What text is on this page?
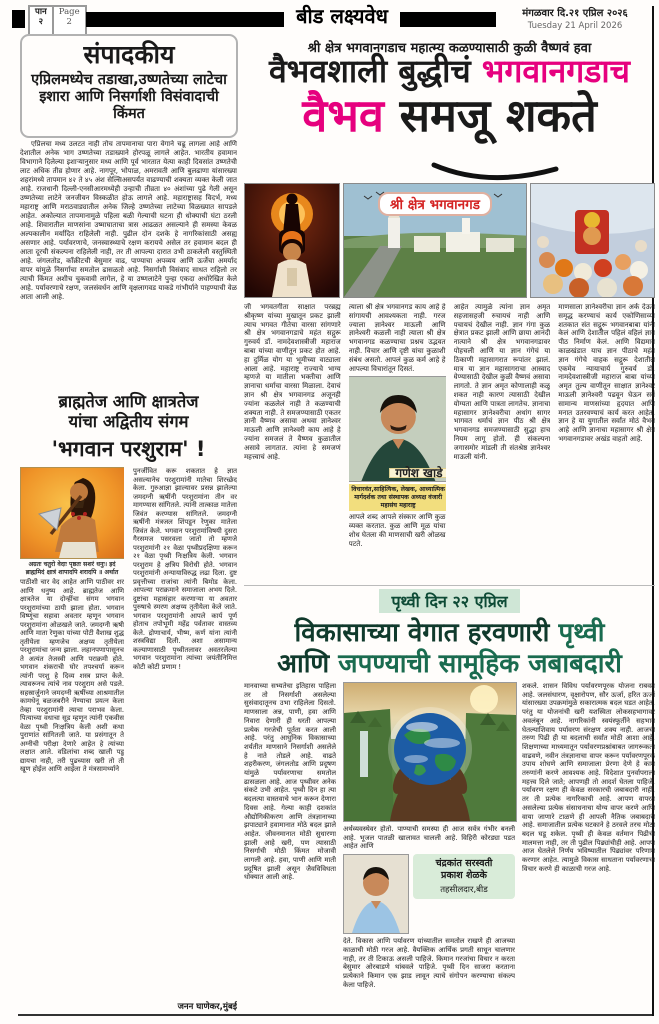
पान
२
Page
2	बीड लक्ष्यवेध	मंगळवार दि.२१ एप्रिल २०२६
Tuesday 21 April 2026
संपादकीय
एप्रिलमध्येच तडाखा,उष्णतेच्या लाटेचा इशारा आणि निसर्गाशी विसंवादाची किंमत
एप्रिलचा मध्य उलटत नाही तोच तापमानाचा पारा वेगाने चढू लागला आहे आणि देशातील अनेक भाग उष्णतेच्या तडाख्याने होरपळू लागले आहेत. भारतीय हवामान विभागाने दिलेल्या इशाऱ्यानुसार मध्य आणि पूर्व भारतात येत्या काही दिवसांत उष्णतेची लाट अधिक तीव्र होणार आहे. नागपूर, भोपाळ, अमरावती आणि बुलढाणा यांसारख्या शहरांमध्ये तापमान ४२ ते ४५ अंश सेल्सिअसपर्यंत वाढण्याची शक्यता व्यक्त केली जात आहे. राजधानी दिल्ली-एनसीआरमध्येही उन्हाची तीव्रता ४० अंशांच्या पुढे गेली असून उष्णतेच्या लाटेने जनजीवन विस्कळीत होऊ लागले आहे. महाराष्ट्रासह विदर्भ, मध्य महाराष्ट्र आणि मराठवाड्यातील अनेक जिल्हे उष्णतेच्या लाटेच्या विळख्यात सापडले आहेत. अकोल्यात तापमानामुळे पहिला बळी गेल्याची घटना ही धोक्याची घंटा ठरली आहे. शिवारातील माणसांना उष्माघाताचा त्रास आढळत असल्याने ही समस्या केवळ अल्पकालीन मर्यादित राहिलेली नाही. पुढील दोन दशके हे नागरिकांसाठी असह्य असणार आहे. पर्यावरणाचे, जनस्वास्थ्याचे रक्षण करायचे असेल तर हवामान बदल ही आता दूरची संकल्पना राहिलेली नाही, तर ती आपल्या दारात उभी ठाकलेली वस्तुस्थिती आहे. जंगलतोड, काँक्रीटची बेसुमार वाढ, पाण्याचा अपव्यय आणि ऊर्जेचा अमर्याद वापर यांमुळे निसर्गाचा समतोल ढासळतो आहे. निसर्गाशी विसंवाद साधत राहिलो तर त्याची किंमत अशीच चुकवावी लागेल, हे या उष्णलाटेने पुन्हा एकदा अधोरेखित केले आहे. पर्यावरणाचे रक्षण, जलसंवर्धन आणि वृक्षलागवड याकडे गांभीर्याने पाहण्याची वेळ आता आली आहे.
ब्राह्मतेज आणि क्षात्रतेज
यांचा अद्वितीय संगम
'भगवान परशुराम' !
अग्रतः चतुरो वेदाः पृष्ठतः सशरं धनुः। इदं ब्राह्ममिदं क्षात्रं शापादपि शरादपि ॥ अर्थात
पाठीशी चार वेद आहेत आणि पाठीवर शर आणि धनुष्य आहे. ब्राह्मतेज आणि क्षात्रतेज या दोन्हींचा संगम भगवान परशुरामांच्या ठायी झाला होता. भगवान विष्णूंचा सहावा अवतार म्हणून भगवान परशुरामांना ओळखले जाते. जमदग्नी ऋषी आणि माता रेणुका यांच्या पोटी वैशाख शुद्ध तृतीयेला म्हणजेच अक्षय्य तृतीयेला परशुरामांचा जन्म झाला. लहानपणापासूनच ते अत्यंत तेजस्वी आणि पराक्रमी होते. भगवान शंकराची घोर तपश्चर्या करून त्यांनी परशु हे दिव्य शस्त्र प्राप्त केले. त्यावरूनच त्यांचे नाव परशुराम असे पडले. सहस्रार्जुनाने जमदग्नी ऋषींच्या आश्रमातील कामधेनू बळजबरीने नेण्याचा प्रयत्न केला तेव्हा परशुरामांनी त्याचा पराभव केला. पित्याच्या वधाचा सूड म्हणून त्यांनी एकवीस वेळा पृथ्वी निःक्षत्रिय केली अशी कथा पुराणांत सांगितली जाते. या प्रसंगातून ते अग्नीची परीक्षा देणारे आहेत हे त्यांच्या लक्षात आले. वडिलांचा शब्द खाली पडू द्यायचा नाही, तरी पुढच्यास खरी तो ती खूण होईल आणि आईला ते मंत्रसामर्थ्याने
पुनर्जीवित करू शकतात हे ज्ञात असल्यानेच परशुरामांनी मातेचा शिरच्छेद केला. गुरुआज्ञा झाल्यावर प्रसन्न झालेल्या जमदग्नी ऋषींनी परशुरामांना तीन वर मागण्यास सांगितले. त्यांनी तात्काळ मातेला जिवंत करण्यास सांगितले. जमदग्नी ऋषींनी मंत्रजल शिंपडून रेणुका मातेला जिवंत केले. भगवान परशुरामांविषयी दुसरा गैरसमज पसरवला जातो तो म्हणजे परशुरामांनी २१ वेळा पृथ्वीप्रदक्षिणा करून २१ वेळा पृथ्वी निःक्षत्रिय केली. भगवान परशुराम हे क्षत्रिय विरोधी होते. भगवान परशुरामांनी अन्यायाविरुद्ध लढा दिला. दुष्ट प्रवृत्तीच्या राजांचा त्यांनी बिमोड केला. आपल्या पराक्रमाने समाजाला अभय दिले. दुष्टांचा महासंहार करणाऱ्या या अवतार पुरुषाचे स्मरण अक्षय्य तृतीयेला केले जाते. भगवान परशुरामांनी आपले कार्य पूर्ण होताच तपोभूमी महेंद्र पर्वतावर वास्तव्य केले. द्रोणाचार्य, भीष्म, कर्ण यांना त्यांनी शस्त्रविद्या दिली. अशा असामान्य कल्याणासाठी पृथ्वीतलावर अवतरलेल्या भगवान परशुरामांना त्यांच्या जयंतीनिमित्त कोटी कोटी प्रणाम !
जनन घाणेकर,मुंबई
श्री क्षेत्र भगवानगडाच महात्म्य कळण्यासाठी कुळी वैष्णवं हवा
वैभवशाली बुद्धीचं भगवानगडाच
वैभव समजू शकते
श्री क्षेत्र भगवानगड
जी भगवतगीता साक्षात परब्रह्म श्रीकृष्ण यांच्या मुखातून प्रकट झाली त्याच भगवत गीतेचा वारसा सांगणारे श्री क्षेत्र भगवानगडाचे महंत सद्गुरू गुरुवर्य डॉ. नामदेवशास्त्रीजी महाराज बाबा यांच्या वाणीतून प्रकट होत आहे. हा दुर्मिळ योग या भूमीच्या वाट्याला आला आहे. महाराष्ट्र राज्याचे भाग्य म्हणजे या मातीला भक्तीचा आणि ज्ञानाचा धर्माचा वारसा मिळाला. देवाचं ज्ञान श्री क्षेत्र भगवानगड अजूनही ज्यांना कळलेलं नाही ते कळण्याची शक्यता नाही. ते समजण्यासाठी एकतर ज्ञानी वैष्णव असावा अथवा ज्ञानेश्वर माऊली आणि ज्ञानेश्वरी काय आहे हे ज्यांना समजलं ते वैष्णव कुळातील असावे लागतात. त्यांना हे समजणं महत्त्वाचं आहे.
त्याला श्री क्षेत्र भगवानगड काय आहे हे सांगायची आवश्यकता नाही. गरज ज्याला ज्ञानेश्वर माऊली आणि ज्ञानेश्वरी कळली नाही त्याला श्री क्षेत्र भगवानगड कळण्याचा प्रश्नच उद्भवत नाही. विचार आणि दृष्टी यांचा कुळाशी संबंध असतो. आपलं कुळ कर्म आहे हे आपल्या विचारांतून दिसतं.
गणेश खाडे
विचारवंत,साहित्यिक, लेखक, आध्यात्मिक मार्गदर्शक तथा संस्थापक अध्यक्ष वंजारी महासंघ महाराष्ट्र
आपले शब्द आपले संस्कार आणि कुळ व्यक्त करतात. कुळ आणि मूळ यांचा शोध घेतला की माणसाची खरी ओळख पटते.
आहेत त्यामुळे त्यांना ज्ञान अमृत सहजासहजी रुचायचं नाही आणि पचायचं देखील नाही. ज्ञान गंगा कुळ क्षेत्रात प्रकट झाली आणि छाया आनंदी नात्याने श्री क्षेत्र भगवानगडावर पोहचली आणि या ज्ञान गंगेचं या ठिकाणी महासागरात रूपांतर झालं. मात्र या ज्ञान महासागराचा आस्वाद घेण्यासाठी देखील कुळी वैष्णवं असावा लागतो. ते ज्ञान अमृत कोणालाही कळू शकत नाही कारण त्यासाठी देखील योग्यता आणि पात्रता लागतेच. ज्ञानाचा महासागर ज्ञानेश्वरीचा अथांग सागर भागवत धर्माचं ज्ञान पीठ श्री क्षेत्र भगवानगड समजण्यासाठी सुद्धा हाच नियम लागू होतो. ही संकल्पना जगासमोर मांडली ती संतश्रेष्ठ ज्ञानेश्वर माऊली यांनी.
माणसाला ज्ञानेश्वरीचा ज्ञान अर्क देऊन समृद्ध करण्याचं कार्य एकोणिसाव्या शतकात संत सद्गुरू भगवानबाबा यांनी केलं आणि देशातील पहिलं वहिलं ज्ञान पीठ निर्माण केलं. आणि विद्यमान काळखंडात याच ज्ञान पीठाचे महंत ज्ञान गंगेचे वाहक सद्गुरू देशातील एकमेव न्यायाचार्य गुरुवर्य डॉ. नामदेवशास्त्रीजी महाराज बाबा यांच्या अमृत तुल्य वाणीतून साक्षात ज्ञानेश्वर माऊली ज्ञानेश्वरी पढवून घेऊन सर्व सामान्य माणसांच्या हृदयात आणि मनात उतरवण्याचं कार्य करत आहेत. ज्ञान हे या युगातील सर्वांत मोठं वैभव आहे आणि ज्ञानाचा महासागर श्री क्षेत्र भगवानगडावर अखंड वाहतो आहे.
पृथ्वी दिन २२ एप्रिल
विकासाच्या वेगात हरवणारी पृथ्वी
आणि जपण्याची सामूहिक जबाबदारी
मानवाच्या सभ्यतेचा इतिहास पाहिला तर तो निसर्गाशी असलेल्या सुसंवादातूनच उभा राहिलेला दिसतो. माणसाला अन्न, पाणी, हवा आणि निवारा देणारी ही धरती आपल्या प्रत्येक गरजेची पूर्तता करत आली आहे. परंतु आधुनिक विकासाच्या शर्यतीत माणसाने निसर्गाशी असलेले हे नाते तोडले आहे. वाढते शहरीकरण, जंगलतोड आणि प्रदूषण यांमुळे पर्यावरणाचा समतोल ढासळला आहे. आज पृथ्वीवर अनेक संकटे उभी आहेत. पृथ्वी दिन हा त्या बदलत्या वास्तवाचे भान करून देणारा दिवस आहे. गेल्या काही दशकांत औद्योगिकीकरण आणि तंत्रज्ञानाच्या झपाट्याने हवामानात मोठे बदल झाले आहेत. जीवनमानात मोठी सुधारणा झाली आहे खरी, पण त्यासाठी निसर्गाची मोठी किंमत मोजावी लागली आहे. हवा, पाणी आणि माती प्रदूषित झाली असून जैवविविधता धोक्यात आली आहे.
अर्थव्यवस्थेवर होतो. पाण्याची समस्या ही आज सर्वत्र गंभीर बनली आहे. भूजल पातळी खालावत चालली आहे. विहिरी कोरड्या पडत आहेत आणि
चंद्रकांत सरस्वती
प्रकाश शेळके
तहसीलदार,बीड
देते. विकास आणि पर्यावरण यांच्यातील समतोल राखणे ही आजच्या काळाची मोठी गरज आहे. वैयक्तिक आर्थिक प्रगती साधून चालणार नाही, तर ती टिकाऊ असली पाहिजे. किमान गरजांचा विचार न करता बेसुमार ओरबाडणे थांबवले पाहिजे. पृथ्वी दिन साजरा करताना प्रत्येकाने किमान एक झाड लावून त्याचे संगोपन करण्याचा संकल्प केला पाहिजे.
शकले. शासन विविध पर्यावरणपूरक योजना राबवत आहे. जलसंधारण, वृक्षारोपण, सौर ऊर्जा, हरित ऊर्जा यांसारख्या उपक्रमांमुळे सकारात्मक बदल घडत आहेत. परंतु या योजनांची खरी यशस्विता लोकसहभागावर अवलंबून आहे. नागरिकांनी स्वयंस्फूर्तीने सहभाग घेतल्याशिवाय पर्यावरण संरक्षण शक्य नाही. आजची तरुण पिढी ही या बदलाची सर्वांत मोठी आशा आहे. शिक्षणाच्या माध्यमातून पर्यावरणप्रश्नांबाबत जागरूकता वाढवणे, नवीन तंत्रज्ञानाचा वापर करून पर्यावरणपूरक उपाय शोधणे आणि समाजाला प्रेरणा देणे हे काम तरुणांनी करणे आवश्यक आहे. विदेशात पुनर्वापराला महत्त्व दिले जाते; आपणही तो आदर्श घेतला पाहिजे. पर्यावरण रक्षण ही केवळ सरकारची जबाबदारी नाही, तर ती प्रत्येक नागरिकाची आहे. आपण वापरत असलेल्या प्रत्येक संसाधनाचा योग्य वापर करणे आणि वाया जाणारे टाळणे ही आपली नैतिक जबाबदारी आहे. समाजातील प्रत्येक घटकाने हे ठरवले तरच मोठा बदल घडू शकेल. पृथ्वी ही केवळ वर्तमान पिढीची मालमत्ता नाही, तर ती पुढील पिढ्यांचीही आहे. आपण आज घेतलेले निर्णय भविष्यातील पिढ्यांवर परिणाम करणार आहेत. त्यामुळे विकास साधताना पर्यावरणाचा विचार करणे ही काळाची गरज आहे.
